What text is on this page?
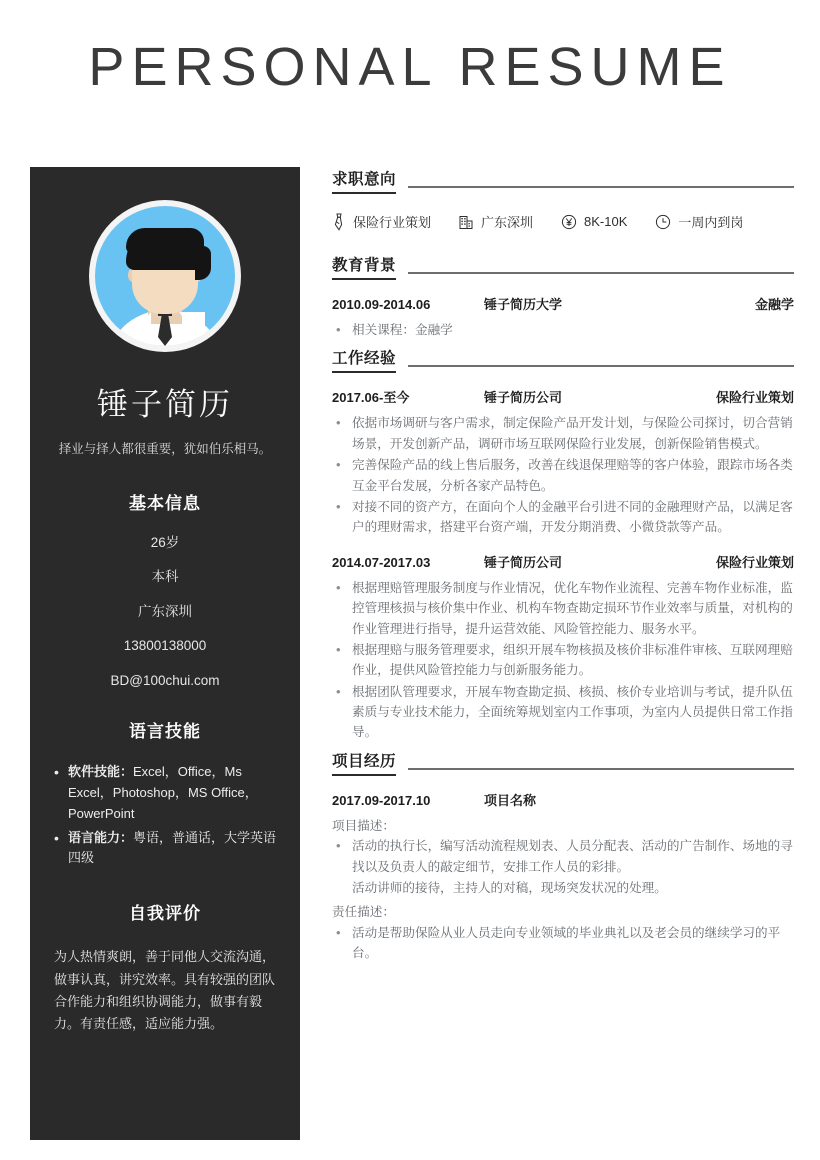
PERSONAL RESUME
锤子简历
择业与择人都很重要，犹如伯乐相马。
基本信息
26岁
本科
广东深圳
13800138000
BD@100chui.com
语言技能
• 软件技能：Excel，Office，Ms Excel，Photoshop，MS Office，PowerPoint
• 语言能力：粤语，普通话，大学英语四级
自我评价
为人热情爽朗，善于同他人交流沟通，做事认真，讲究效率。具有较强的团队合作能力和组织协调能力，做事有毅力。有责任感，适应能力强。
求职意向
保险行业策划	广东深圳	8K-10K	一周内到岗
教育背景
2010.09-2014.06	锤子简历大学	金融学
• 相关课程：金融学
工作经验
2017.06-至今	锤子简历公司	保险行业策划
• 依据市场调研与客户需求，制定保险产品开发计划，与保险公司探讨，切合营销场景，开发创新产品，调研市场互联网保险行业发展，创新保险销售模式。
• 完善保险产品的线上售后服务，改善在线退保理赔等的客户体验，跟踪市场各类互金平台发展，分析各家产品特色。
• 对接不同的资产方，在面向个人的金融平台引进不同的金融理财产品，以满足客户的理财需求，搭建平台资产端，开发分期消费、小微贷款等产品。
2014.07-2017.03	锤子简历公司	保险行业策划
• 根据理赔管理服务制度与作业情况，优化车物作业流程、完善车物作业标准，监控管理核损与核价集中作业、机构车物查勘定损环节作业效率与质量，对机构的作业管理进行指导，提升运营效能、风险管控能力、服务水平。
• 根据理赔与服务管理要求，组织开展车物核损及核价非标准件审核、互联网理赔作业，提供风险管控能力与创新服务能力。
• 根据团队管理要求，开展车物查勘定损、核损、核价专业培训与考试，提升队伍素质与专业技术能力，全面统筹规划室内工作事项，为室内人员提供日常工作指导。
项目经历
2017.09-2017.10	项目名称
项目描述：
• 活动的执行长，编写活动流程规划表、人员分配表、活动的广告制作、场地的寻找以及负责人的敲定细节，安排工作人员的彩排。
活动讲师的接待，主持人的对稿，现场突发状况的处理。
责任描述：
• 活动是帮助保险从业人员走向专业领域的毕业典礼以及老会员的继续学习的平台。
